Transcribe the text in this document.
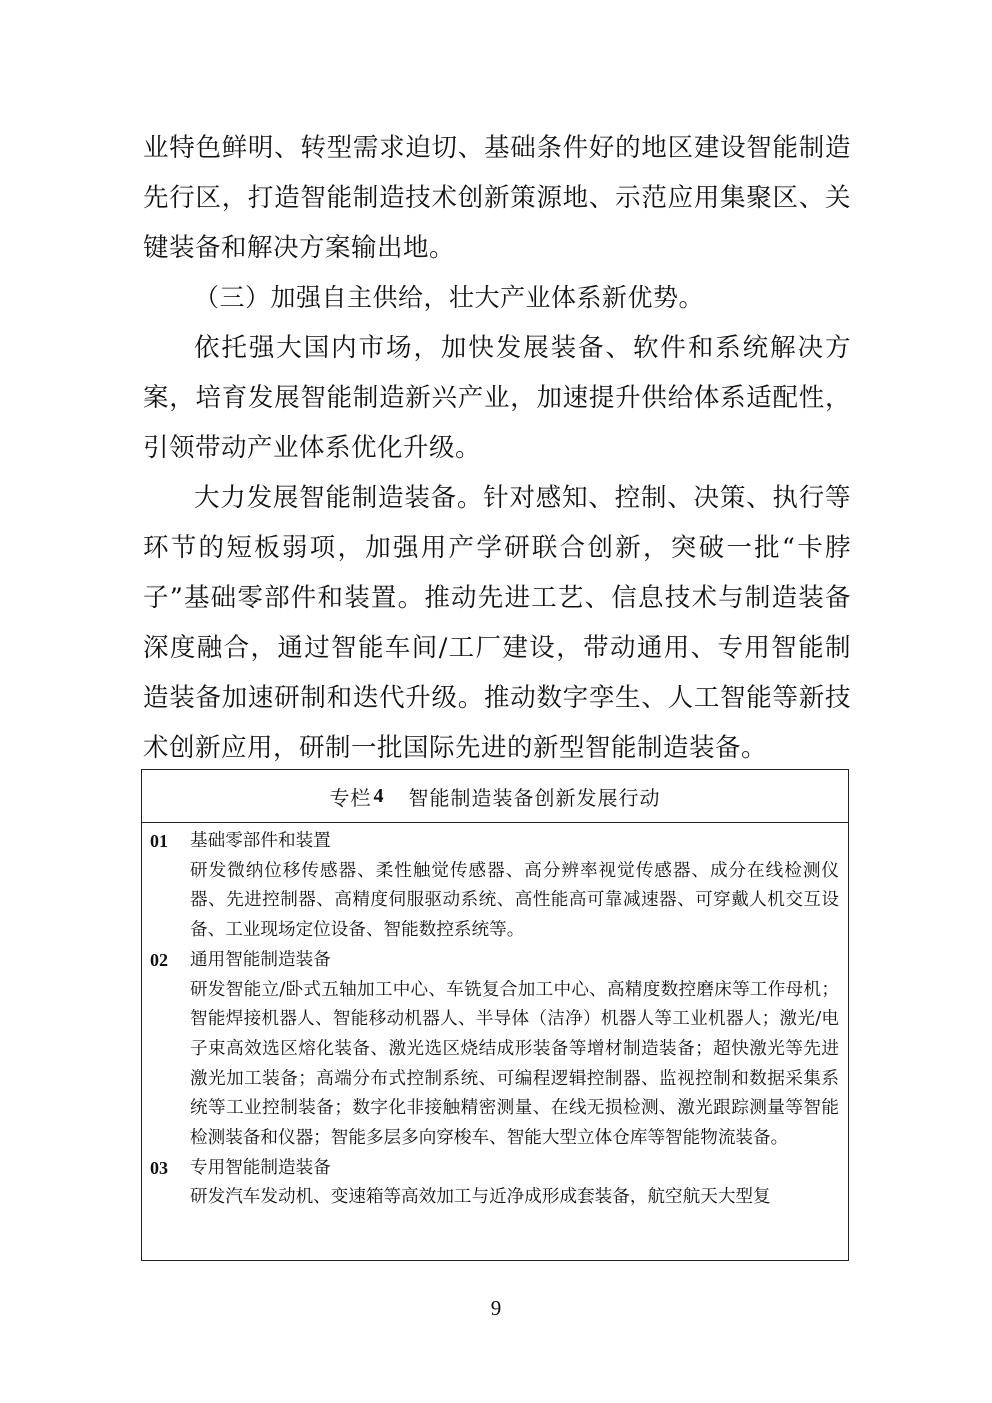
业特色鲜明、转型需求迫切、基础条件好的地区建设智能制造先行区，打造智能制造技术创新策源地、示范应用集聚区、关键装备和解决方案输出地。

（三）加强自主供给，壮大产业体系新优势。

依托强大国内市场，加快发展装备、软件和系统解决方案，培育发展智能制造新兴产业，加速提升供给体系适配性，引领带动产业体系优化升级。

大力发展智能制造装备。针对感知、控制、决策、执行等环节的短板弱项，加强用产学研联合创新，突破一批“卡脖子”基础零部件和装置。推动先进工艺、信息技术与制造装备深度融合，通过智能车间/工厂建设，带动通用、专用智能制造装备加速研制和迭代升级。推动数字孪生、人工智能等新技术创新应用，研制一批国际先进的新型智能制造装备。

专栏 4 智能制造装备创新发展行动
01	基础零部件和装置

研发微纳位移传感器、柔性触觉传感器、高分辨率视觉传感器、成分在线检测仪器、先进控制器、高精度伺服驱动系统、高性能高可靠减速器、可穿戴人机交互设备、工业现场定位设备、智能数控系统等。

02	通用智能制造装备

研发智能立/卧式五轴加工中心、车铣复合加工中心、高精度数控磨床等工作母机；智能焊接机器人、智能移动机器人、半导体（洁净）机器人等工业机器人；激光/电子束高效选区熔化装备、激光选区烧结成形装备等增材制造装备；超快激光等先进激光加工装备；高端分布式控制系统、可编程逻辑控制器、监视控制和数据采集系统等工业控制装备；数字化非接触精密测量、在线无损检测、激光跟踪测量等智能检测装备和仪器；智能多层多向穿梭车、智能大型立体仓库等智能物流装备。

03	专用智能制造装备

研发汽车发动机、变速箱等高效加工与近净成形成套装备，航空航天大型复

9
